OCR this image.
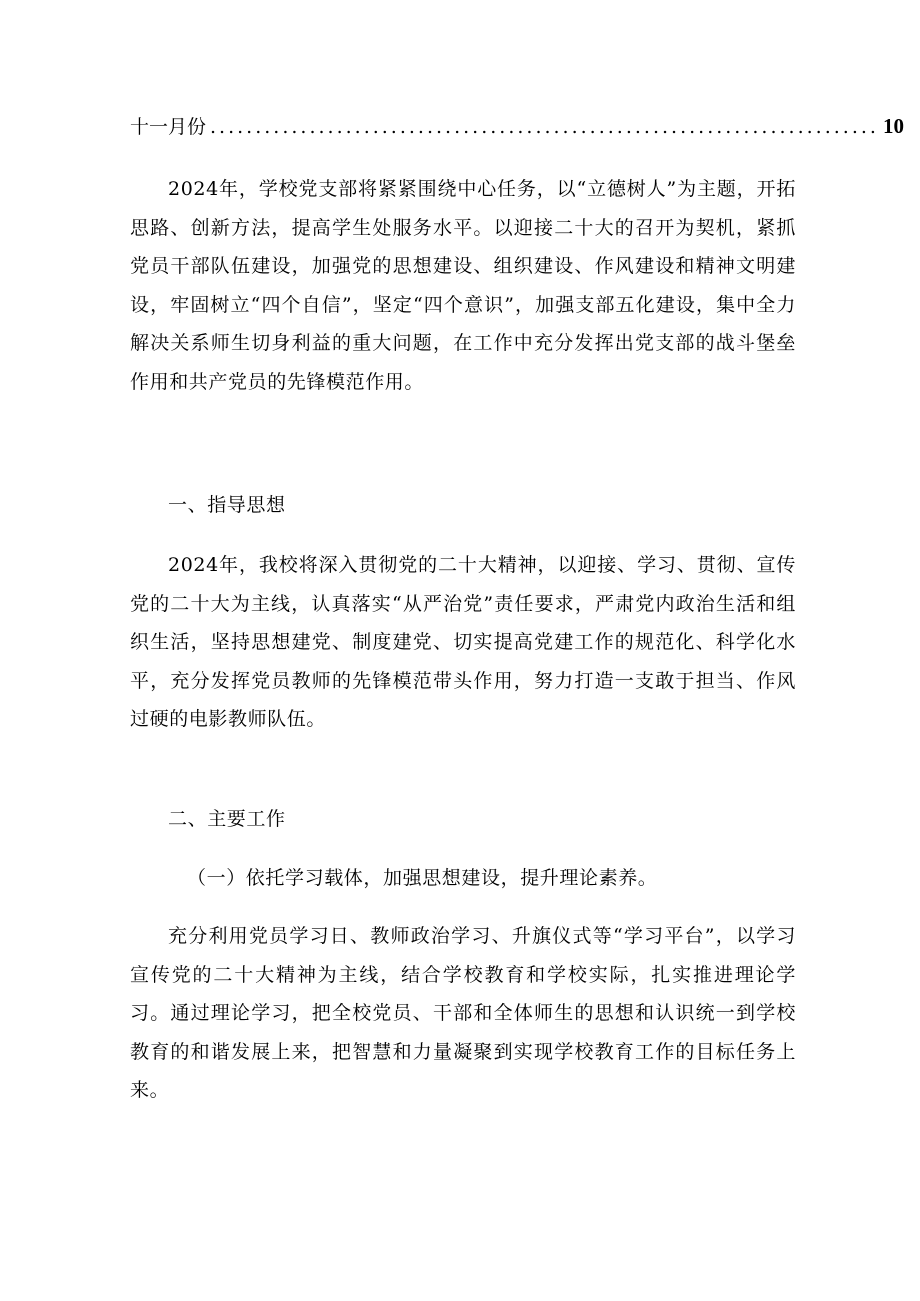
十一月份 .......................................................................... 10

2024年，学校党支部将紧紧围绕中心任务，以“立德树人”为主题，开拓思路、创新方法，提高学生处服务水平。以迎接二十大的召开为契机，紧抓党员干部队伍建设，加强党的思想建设、组织建设、作风建设和精神文明建设，牢固树立“四个自信”，坚定“四个意识”，加强支部五化建设，集中全力解决关系师生切身利益的重大问题，在工作中充分发挥出党支部的战斗堡垒作用和共产党员的先锋模范作用。

一、指导思想

2024年，我校将深入贯彻党的二十大精神，以迎接、学习、贯彻、宣传党的二十大为主线，认真落实“从严治党”责任要求，严肃党内政治生活和组织生活，坚持思想建党、制度建党、切实提高党建工作的规范化、科学化水平，充分发挥党员教师的先锋模范带头作用，努力打造一支敢于担当、作风过硬的电影教师队伍。

二、主要工作

（一）依托学习载体，加强思想建设，提升理论素养。

充分利用党员学习日、教师政治学习、升旗仪式等“学习平台”，以学习宣传党的二十大精神为主线，结合学校教育和学校实际，扎实推进理论学习。通过理论学习，把全校党员、干部和全体师生的思想和认识统一到学校教育的和谐发展上来，把智慧和力量凝聚到实现学校教育工作的目标任务上来。
